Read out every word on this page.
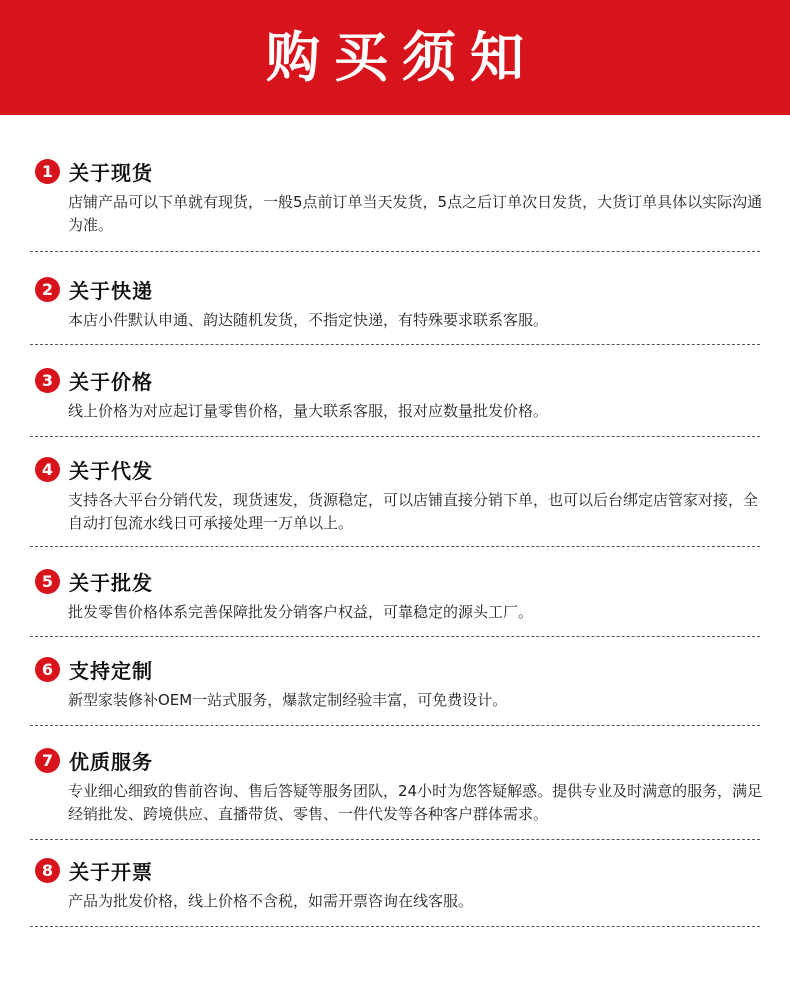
购买须知
1 关于现货
店铺产品可以下单就有现货，一般5点前订单当天发货，5点之后订单次日发货，大货订单具体以实际沟通为准。
2 关于快递
本店小件默认申通、韵达随机发货，不指定快递，有特殊要求联系客服。
3 关于价格
线上价格为对应起订量零售价格，量大联系客服，报对应数量批发价格。
4 关于代发
支持各大平台分销代发，现货速发，货源稳定，可以店铺直接分销下单，也可以后台绑定店管家对接，全自动打包流水线日可承接处理一万单以上。
5 关于批发
批发零售价格体系完善保障批发分销客户权益，可靠稳定的源头工厂。
6 支持定制
新型家装修补OEM一站式服务，爆款定制经验丰富，可免费设计。
7 优质服务
专业细心细致的售前咨询、售后答疑等服务团队，24小时为您答疑解惑。提供专业及时满意的服务，满足经销批发、跨境供应、直播带货、零售、一件代发等各种客户群体需求。
8 关于开票
产品为批发价格，线上价格不含税，如需开票咨询在线客服。
